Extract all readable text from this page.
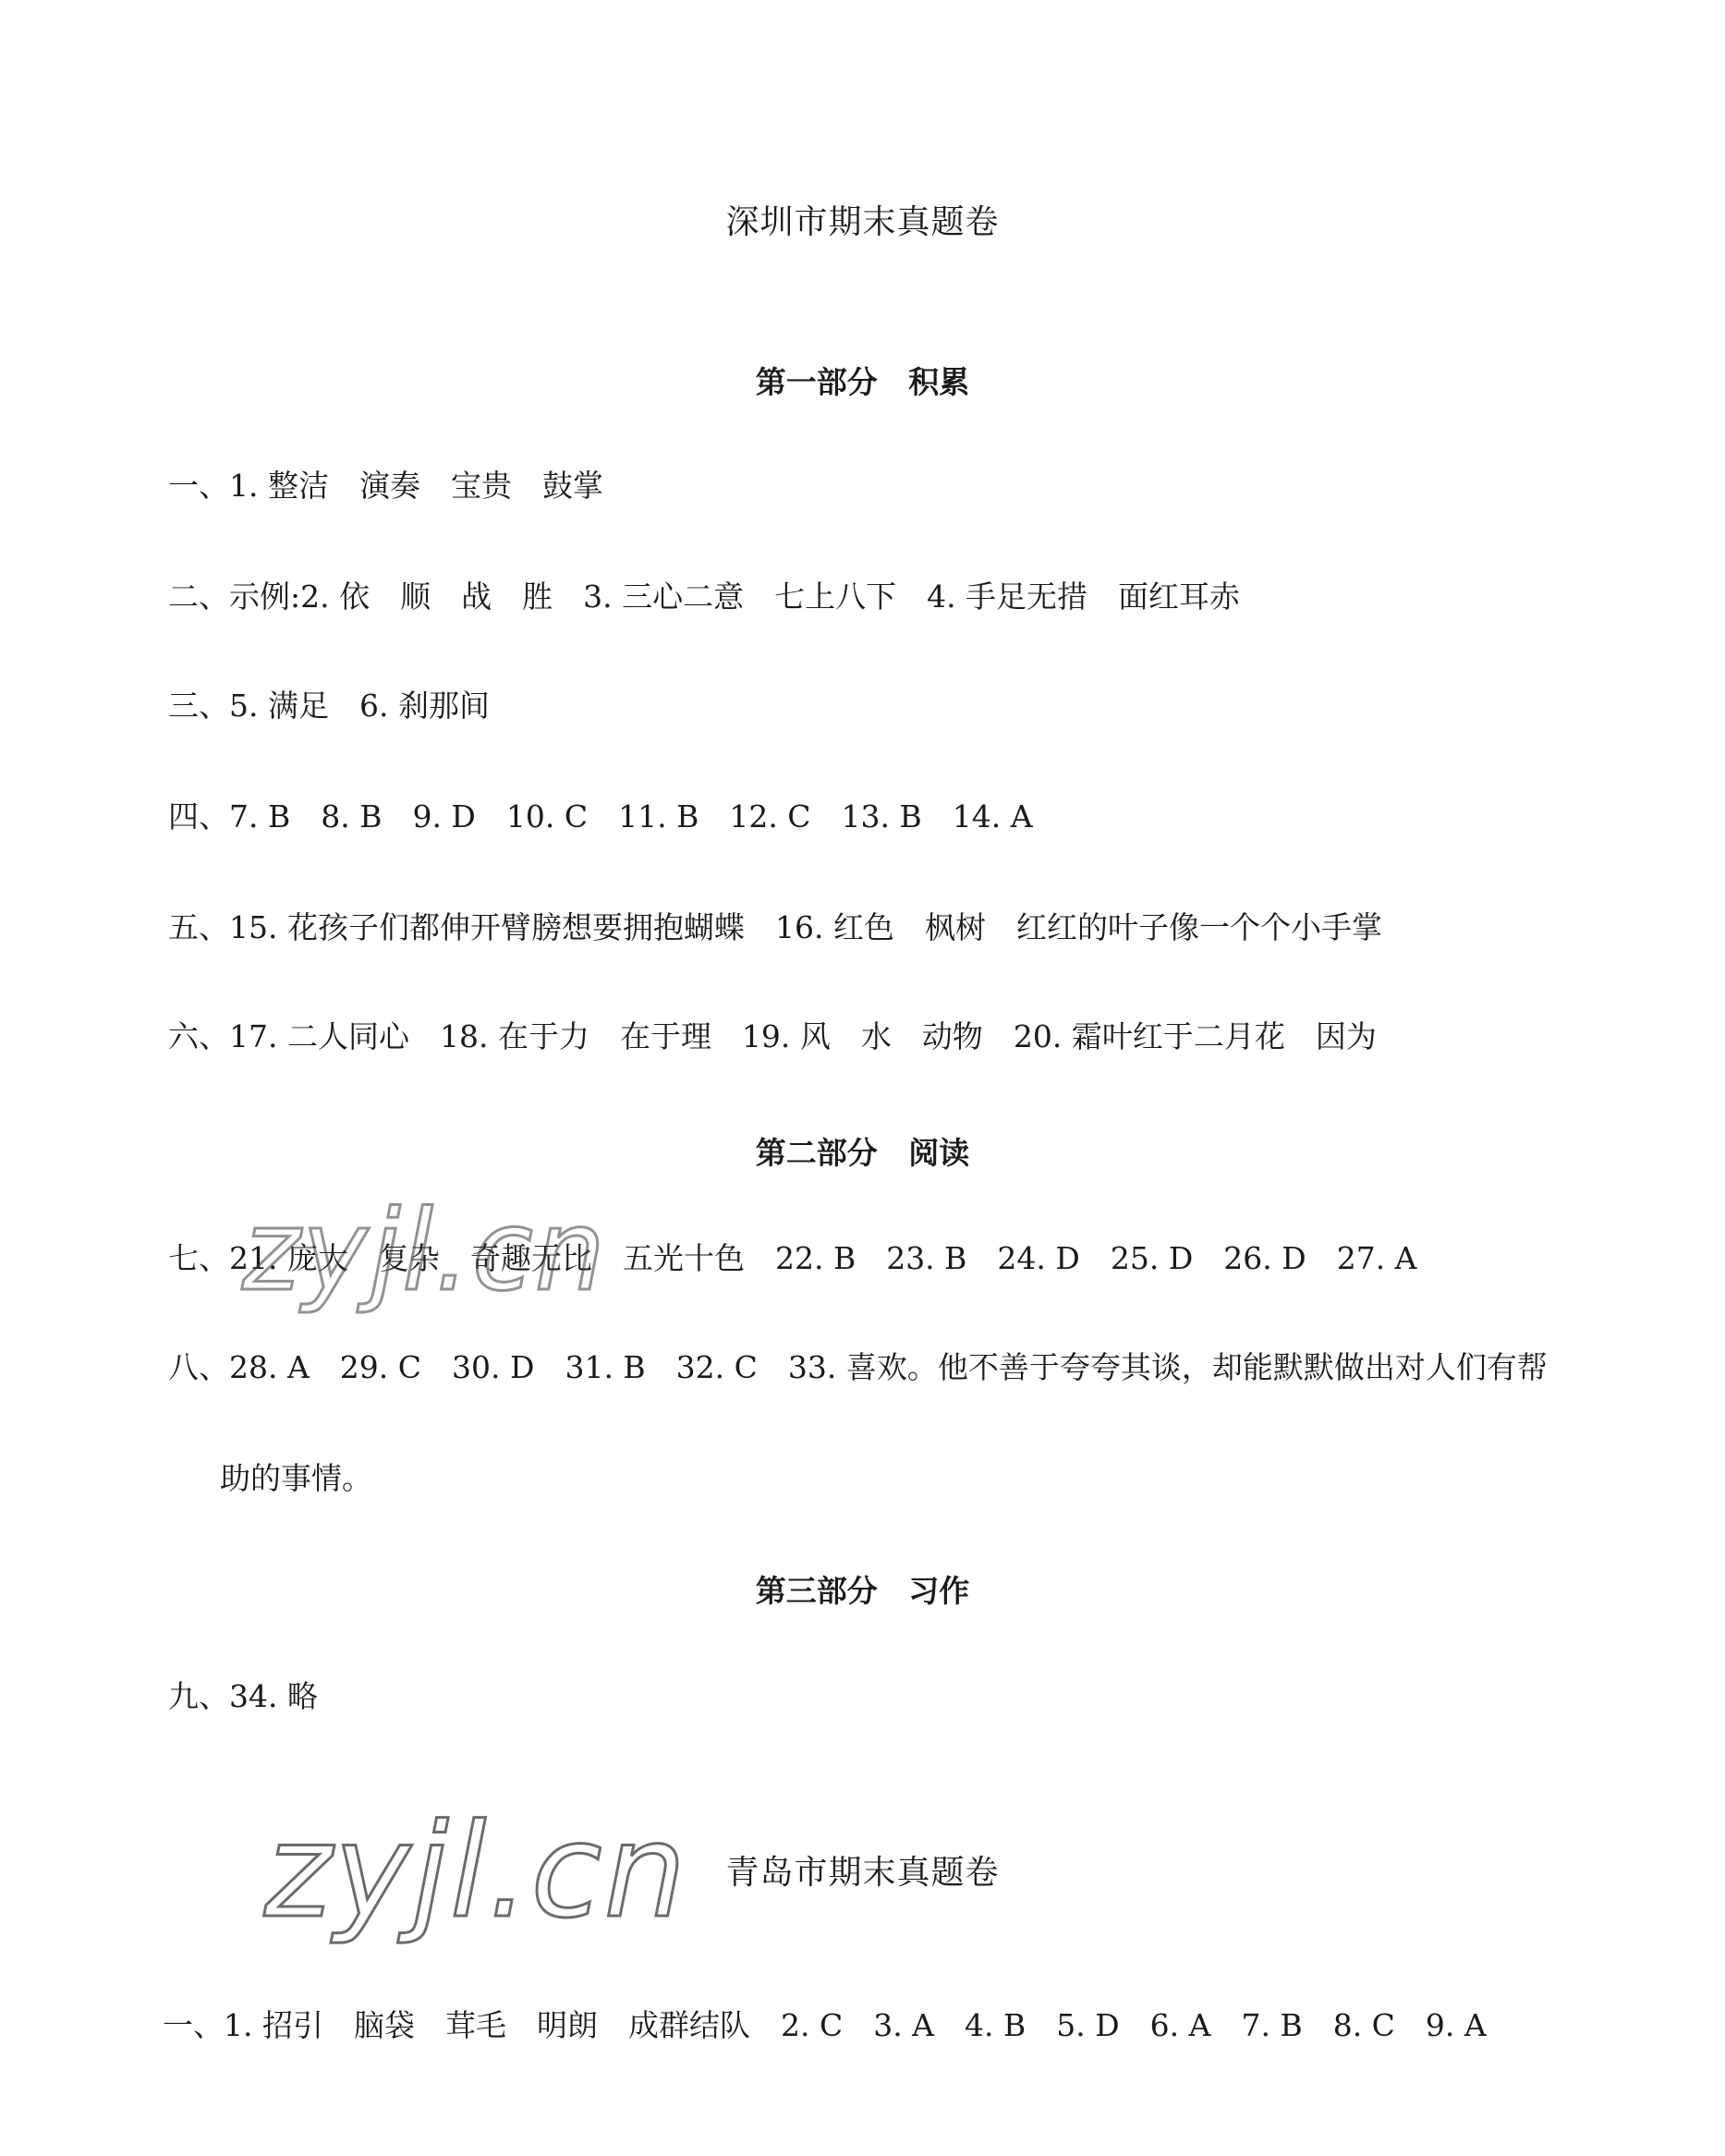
深圳市期末真题卷
第一部分 积累
一、1. 整洁　演奏　宝贵　鼓掌
二、示例:2. 依　顺　战　胜　3. 三心二意　七上八下　4. 手足无措　面红耳赤
三、5. 满足　6. 刹那间
四、7. B　8. B　9. D　10. C　11. B　12. C　13. B　14. A
五、15. 花孩子们都伸开臂膀想要拥抱蝴蝶　16. 红色　枫树　红红的叶子像一个个小手掌
六、17. 二人同心　18. 在于力　在于理　19. 风　水　动物　20. 霜叶红于二月花　因为
第二部分 阅读
七、21. 庞大　复杂　奇趣无比　五光十色　22. B　23. B　24. D　25. D　26. D　27. A
八、28. A　29. C　30. D　31. B　32. C　33. 喜欢。他不善于夸夸其谈，却能默默做出对人们有帮
助的事情。
第三部分 习作
九、34. 略
青岛市期末真题卷
一、1. 招引　脑袋　茸毛　明朗　成群结队　2. C　3. A　4. B　5. D　6. A　7. B　8. C　9. A
zyjl.cn
zyjl.cn
